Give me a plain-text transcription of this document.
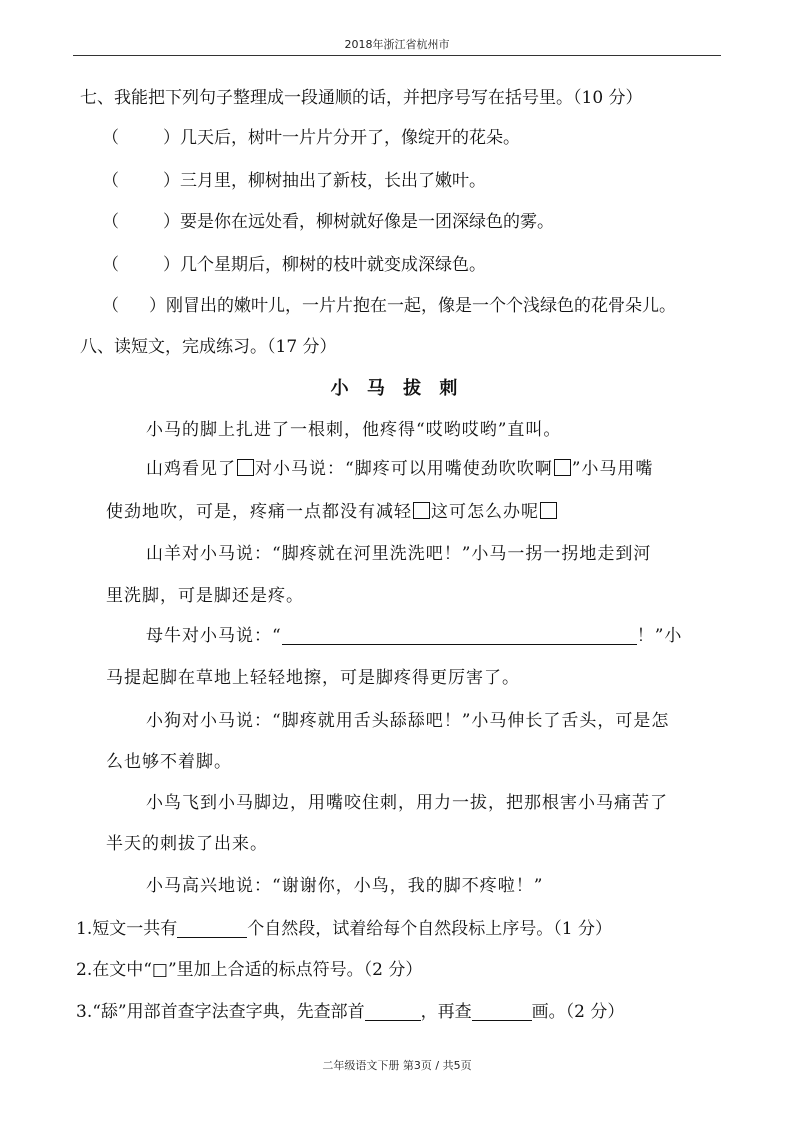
2018年浙江省杭州市
七、我能把下列句子整理成一段通顺的话，并把序号写在括号里。（10 分）
（	）几天后，树叶一片片分开了，像绽开的花朵。
（	）三月里，柳树抽出了新枝，长出了嫩叶。
（	）要是你在远处看，柳树就好像是一团深绿色的雾。
（	）几个星期后，柳树的枝叶就变成深绿色。
（ ）刚冒出的嫩叶儿，一片片抱在一起，像是一个个浅绿色的花骨朵儿。
八、读短文，完成练习。（17 分）
小 马 拔 刺
小马的脚上扎进了一根刺，他疼得“哎哟哎哟”直叫。
山鸡看见了 对小马说：“脚疼可以用嘴使劲吹吹啊 ”小马用嘴
使劲地吹，可是，疼痛一点都没有减轻 这可怎么办呢
山羊对小马说：“脚疼就在河里洗洗吧！”小马一拐一拐地走到河
里洗脚，可是脚还是疼。
母牛对小马说：“	！”小
马提起脚在草地上轻轻地擦，可是脚疼得更厉害了。
小狗对小马说：“脚疼就用舌头舔舔吧！”小马伸长了舌头，可是怎
么也够不着脚。
小鸟飞到小马脚边，用嘴咬住刺，用力一拔，把那根害小马痛苦了
半天的刺拔了出来。
小马高兴地说：“谢谢你，小鸟，我的脚不疼啦！”
1.短文一共有	个自然段，试着给每个自然段标上序号。（1 分）
2.在文中“□”里加上合适的标点符号。（2 分）
3.“舔”用部首查字法查字典，先查部首	，再查	画。（2 分）
二年级语文下册 第3页 / 共5页
